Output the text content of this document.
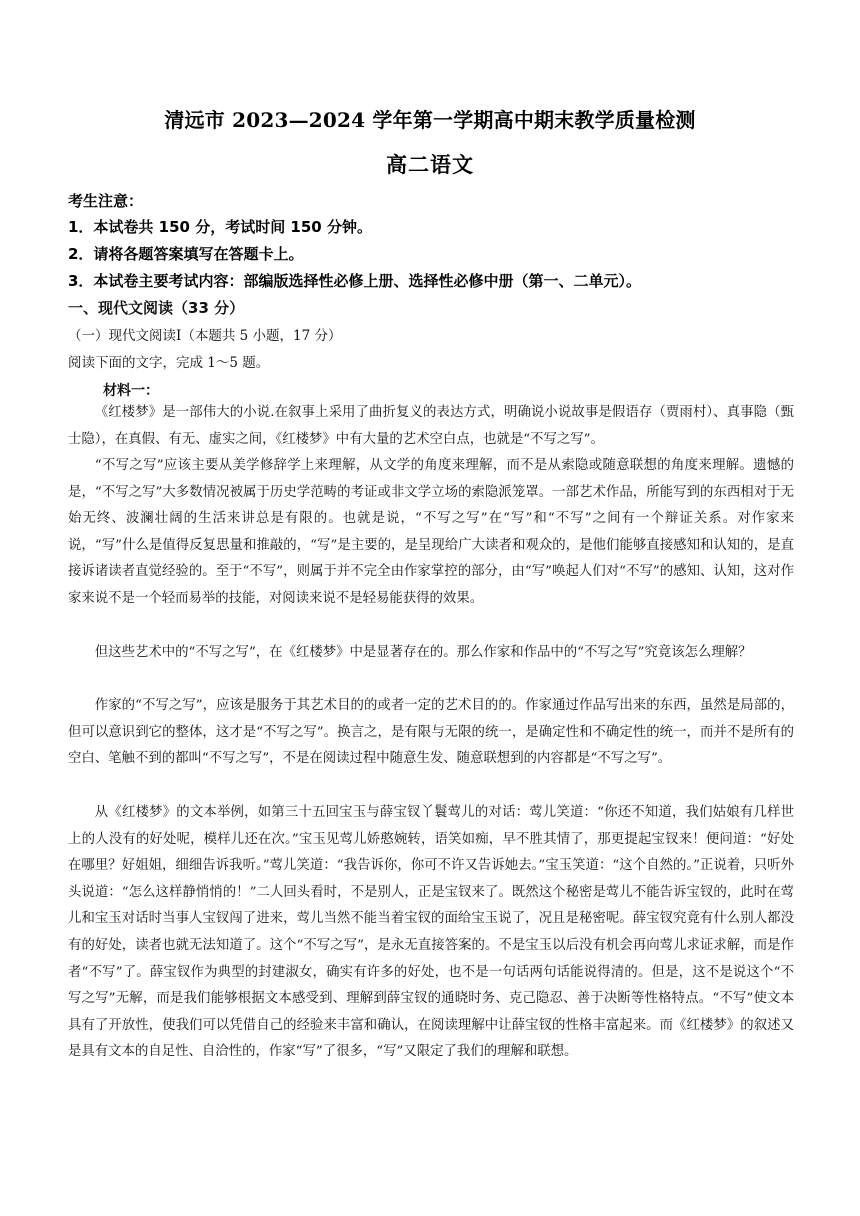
清远市 2023—2024 学年第一学期高中期末教学质量检测
高二语文
考生注意：
1．本试卷共 150 分，考试时间 150 分钟。
2．请将各题答案填写在答题卡上。
3．本试卷主要考试内容：部编版选择性必修上册、选择性必修中册（第一、二单元）。
一、现代文阅读（33 分）
（一）现代文阅读Ⅰ（本题共 5 小题，17 分）
阅读下面的文字，完成 1～5 题。
材料一：

《红楼梦》是一部伟大的小说.在叙事上采用了曲折复义的表达方式，明确说小说故事是假语存（贾雨村）、真事隐（甄士隐），在真假、有无、虚实之间，《红楼梦》中有大量的艺术空白点，也就是“不写之写”。

“不写之写”应该主要从美学修辞学上来理解，从文学的角度来理解，而不是从索隐或随意联想的角度来理解。遗憾的是，“不写之写”大多数情况被属于历史学范畴的考证或非文学立场的索隐派笼罩。一部艺术作品，所能写到的东西相对于无始无终、波澜壮阔的生活来讲总是有限的。也就是说，“不写之写”在“写”和“不写”之间有一个辩证关系。对作家来说，“写”什么是值得反复思量和推敲的，“写”是主要的，是呈现给广大读者和观众的，是他们能够直接感知和认知的，是直接诉诸读者直觉经验的。至于“不写”，则属于并不完全由作家掌控的部分，由“写”唤起人们对“不写”的感知、认知，这对作家来说不是一个轻而易举的技能，对阅读来说不是轻易能获得的效果。

但这些艺术中的“不写之写”，在《红楼梦》中是显著存在的。那么作家和作品中的“不写之写”究竟该怎么理解？

作家的“不写之写”，应该是服务于其艺术目的的或者一定的艺术目的的。作家通过作品写出来的东西，虽然是局部的，但可以意识到它的整体，这才是“不写之写”。换言之，是有限与无限的统一，是确定性和不确定性的统一，而并不是所有的空白、笔触不到的都叫“不写之写”，不是在阅读过程中随意生发、随意联想到的内容都是“不写之写”。

从《红楼梦》的文本举例，如第三十五回宝玉与薛宝钗丫鬟莺儿的对话：莺儿笑道：“你还不知道，我们姑娘有几样世上的人没有的好处呢，模样儿还在次。”宝玉见莺儿娇憨婉转，语笑如痴，早不胜其情了，那更提起宝钗来！便问道：“好处在哪里？好姐姐，细细告诉我听。”莺儿笑道：“我告诉你，你可不许又告诉她去。”宝玉笑道：“这个自然的。”正说着，只听外头说道：“怎么这样静悄悄的！”二人回头看时，不是别人，正是宝钗来了。既然这个秘密是莺儿不能告诉宝钗的，此时在莺儿和宝玉对话时当事人宝钗闯了进来，莺儿当然不能当着宝钗的面给宝玉说了，况且是秘密呢。薛宝钗究竟有什么别人都没有的好处，读者也就无法知道了。这个“不写之写”，是永无直接答案的。不是宝玉以后没有机会再向莺儿求证求解，而是作者“不写”了。薛宝钗作为典型的封建淑女，确实有许多的好处，也不是一句话两句话能说得清的。但是，这不是说这个“不写之写”无解，而是我们能够根据文本感受到、理解到薛宝钗的通晓时务、克己隐忍、善于决断等性格特点。“不写”使文本具有了开放性，使我们可以凭借自己的经验来丰富和确认，在阅读理解中让薛宝钗的性格丰富起来。而《红楼梦》的叙述又是具有文本的自足性、自洽性的，作家“写”了很多，“写”又限定了我们的理解和联想。
